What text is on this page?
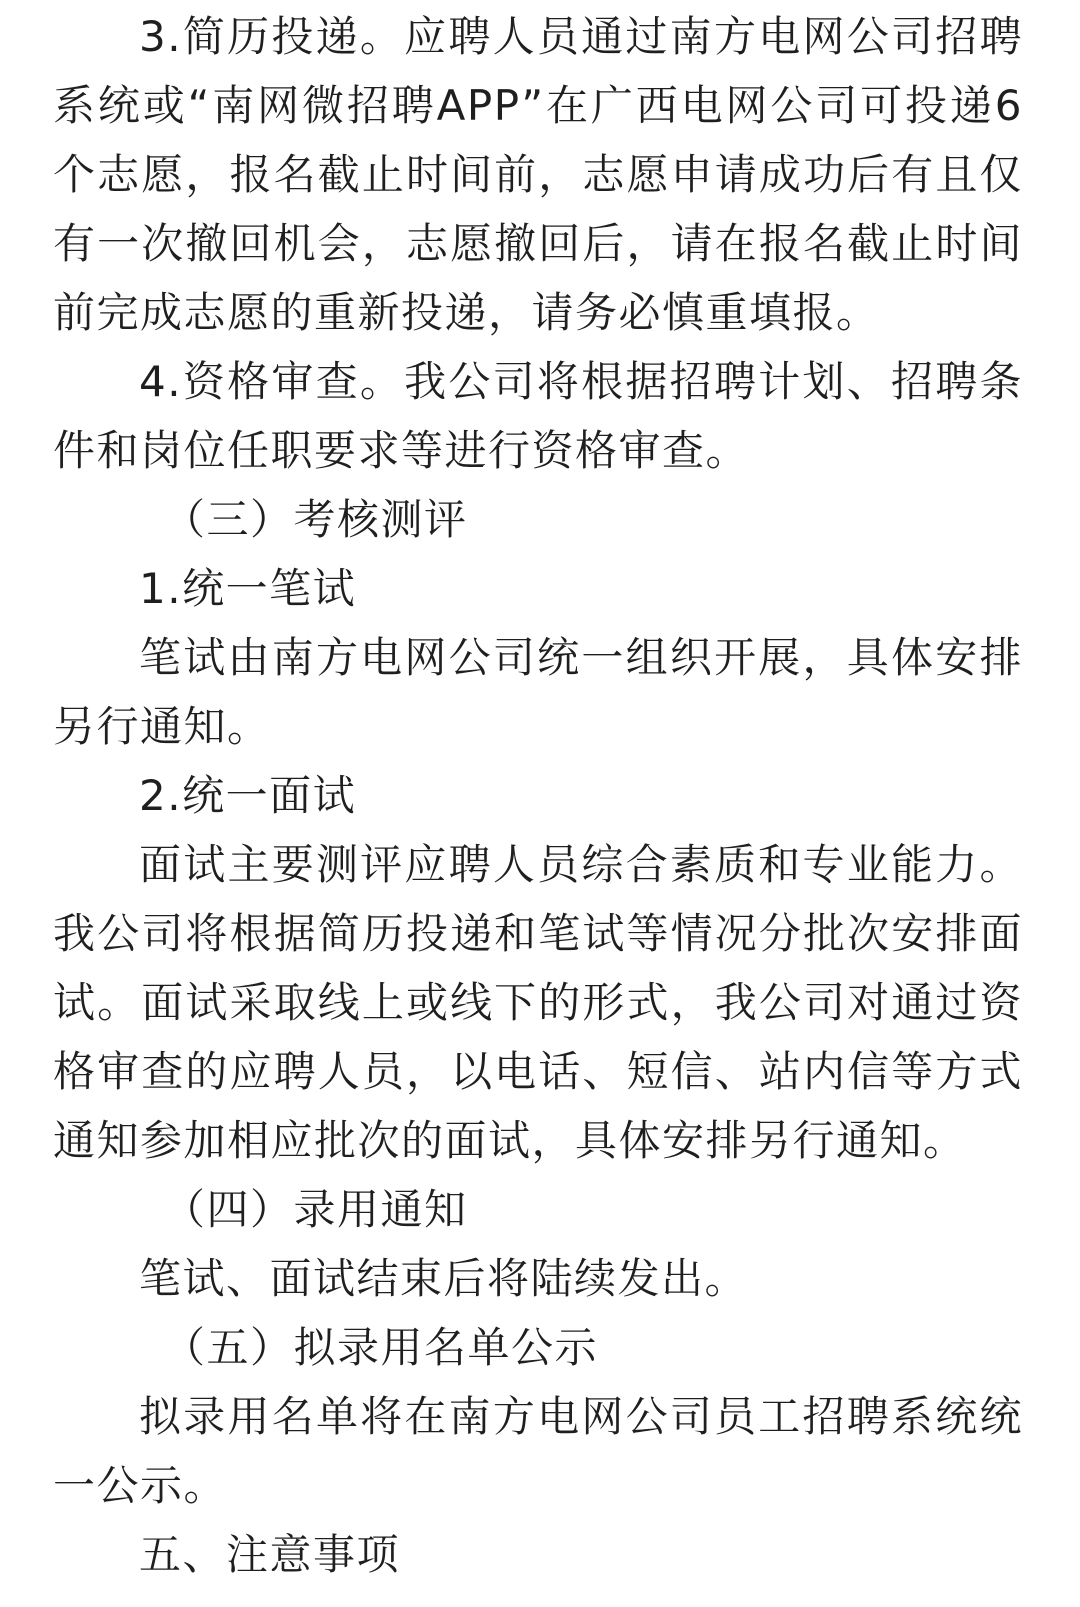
3.简历投递。应聘人员通过南方电网公司招聘系统或“南网微招聘APP”在广西电网公司可投递6个志愿，报名截止时间前，志愿申请成功后有且仅有一次撤回机会，志愿撤回后，请在报名截止时间前完成志愿的重新投递，请务必慎重填报。

4.资格审查。我公司将根据招聘计划、招聘条件和岗位任职要求等进行资格审查。

（三）考核测评

1.统一笔试

笔试由南方电网公司统一组织开展，具体安排另行通知。

2.统一面试

面试主要测评应聘人员综合素质和专业能力。我公司将根据简历投递和笔试等情况分批次安排面试。面试采取线上或线下的形式，我公司对通过资格审查的应聘人员，以电话、短信、站内信等方式通知参加相应批次的面试，具体安排另行通知。

（四）录用通知

笔试、面试结束后将陆续发出。

（五）拟录用名单公示

拟录用名单将在南方电网公司员工招聘系统统一公示。

五、注意事项
